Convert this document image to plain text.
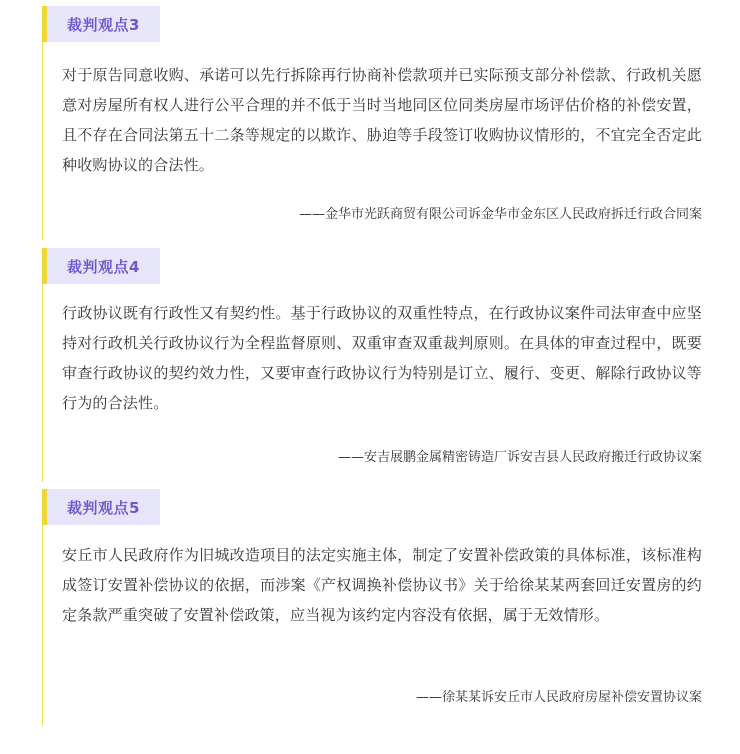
裁判观点3

对于原告同意收购、承诺可以先行拆除再行协商补偿款项并已实际预支部分补偿款、行政机关愿意对房屋所有权人进行公平合理的并不低于当时当地同区位同类房屋市场评估价格的补偿安置，且不存在合同法第五十二条等规定的以欺诈、胁迫等手段签订收购协议情形的，不宜完全否定此种收购协议的合法性。

——金华市光跃商贸有限公司诉金华市金东区人民政府拆迁行政合同案

裁判观点4

行政协议既有行政性又有契约性。基于行政协议的双重性特点，在行政协议案件司法审查中应坚持对行政机关行政协议行为全程监督原则、双重审查双重裁判原则。在具体的审查过程中，既要审查行政协议的契约效力性，又要审查行政协议行为特别是订立、履行、变更、解除行政协议等行为的合法性。

——安吉展鹏金属精密铸造厂诉安吉县人民政府搬迁行政协议案

裁判观点5

安丘市人民政府作为旧城改造项目的法定实施主体，制定了安置补偿政策的具体标准，该标准构成签订安置补偿协议的依据，而涉案《产权调换补偿协议书》关于给徐某某两套回迁安置房的约定条款严重突破了安置补偿政策，应当视为该约定内容没有依据，属于无效情形。

——徐某某诉安丘市人民政府房屋补偿安置协议案
